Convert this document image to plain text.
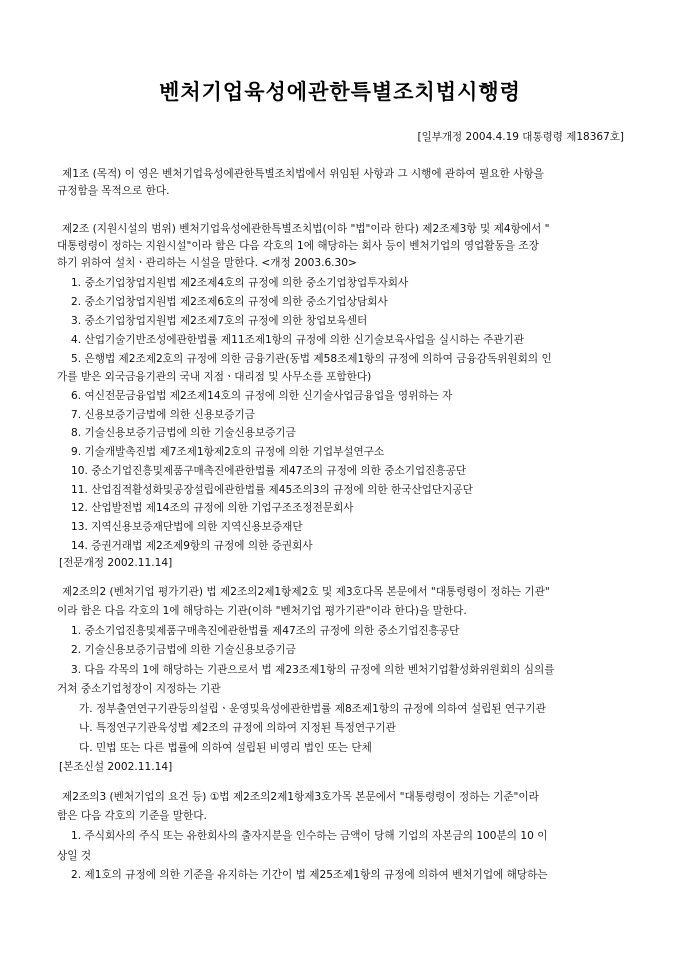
벤처기업육성에관한특별조치법시행령
[일부개정 2004.4.19 대통령령 제18367호]
제1조 (목적) 이 영은 벤처기업육성에관한특별조치법에서 위임된 사항과 그 시행에 관하여 필요한 사항을
규정함을 목적으로 한다.
제2조 (지원시설의 범위) 벤처기업육성에관한특별조치법(이하 "법"이라 한다) 제2조제3항 및 제4항에서 "
대통령령이 정하는 지원시설"이라 함은 다음 각호의 1에 해당하는 회사 등이 벤처기업의 영업활동을 조장
하기 위하여 설치ㆍ관리하는 시설을 말한다. <개정 2003.6.30>
1. 중소기업창업지원법 제2조제4호의 규정에 의한 중소기업창업투자회사
2. 중소기업창업지원법 제2조제6호의 규정에 의한 중소기업상담회사
3. 중소기업창업지원법 제2조제7호의 규정에 의한 창업보육센터
4. 산업기술기반조성에관한법률 제11조제1항의 규정에 의한 신기술보육사업을 실시하는 주관기관
5. 은행법 제2조제2호의 규정에 의한 금융기관(동법 제58조제1항의 규정에 의하여 금융감독위원회의 인
가를 받은 외국금융기관의 국내 지점ㆍ대리점 및 사무소를 포함한다)
6. 여신전문금융업법 제2조제14호의 규정에 의한 신기술사업금융업을 영위하는 자
7. 신용보증기금법에 의한 신용보증기금
8. 기술신용보증기금법에 의한 기술신용보증기금
9. 기술개발촉진법 제7조제1항제2호의 규정에 의한 기업부설연구소
10. 중소기업진흥및제품구매촉진에관한법률 제47조의 규정에 의한 중소기업진흥공단
11. 산업집적활성화및공장설립에관한법률 제45조의3의 규정에 의한 한국산업단지공단
12. 산업발전법 제14조의 규정에 의한 기업구조조정전문회사
13. 지역신용보증재단법에 의한 지역신용보증재단
14. 증권거래법 제2조제9항의 규정에 의한 증권회사
[전문개정 2002.11.14]
제2조의2 (벤처기업 평가기관) 법 제2조의2제1항제2호 및 제3호다목 본문에서 "대통령령이 정하는 기관"
이라 함은 다음 각호의 1에 해당하는 기관(이하 "벤처기업 평가기관"이라 한다)을 말한다.
1. 중소기업진흥및제품구매촉진에관한법률 제47조의 규정에 의한 중소기업진흥공단
2. 기술신용보증기금법에 의한 기술신용보증기금
3. 다음 각목의 1에 해당하는 기관으로서 법 제23조제1항의 규정에 의한 벤처기업활성화위원회의 심의를
거쳐 중소기업청장이 지정하는 기관
가. 정부출연연구기관등의설립ㆍ운영및육성에관한법률 제8조제1항의 규정에 의하여 설립된 연구기관
나. 특정연구기관육성법 제2조의 규정에 의하여 지정된 특정연구기관
다. 민법 또는 다른 법률에 의하여 설립된 비영리 법인 또는 단체
[본조신설 2002.11.14]
제2조의3 (벤처기업의 요건 등) ①법 제2조의2제1항제3호가목 본문에서 "대통령령이 정하는 기준"이라
함은 다음 각호의 기준을 말한다.
1. 주식회사의 주식 또는 유한회사의 출자지분을 인수하는 금액이 당해 기업의 자본금의 100분의 10 이
상일 것
2. 제1호의 규정에 의한 기준을 유지하는 기간이 법 제25조제1항의 규정에 의하여 벤처기업에 해당하는
